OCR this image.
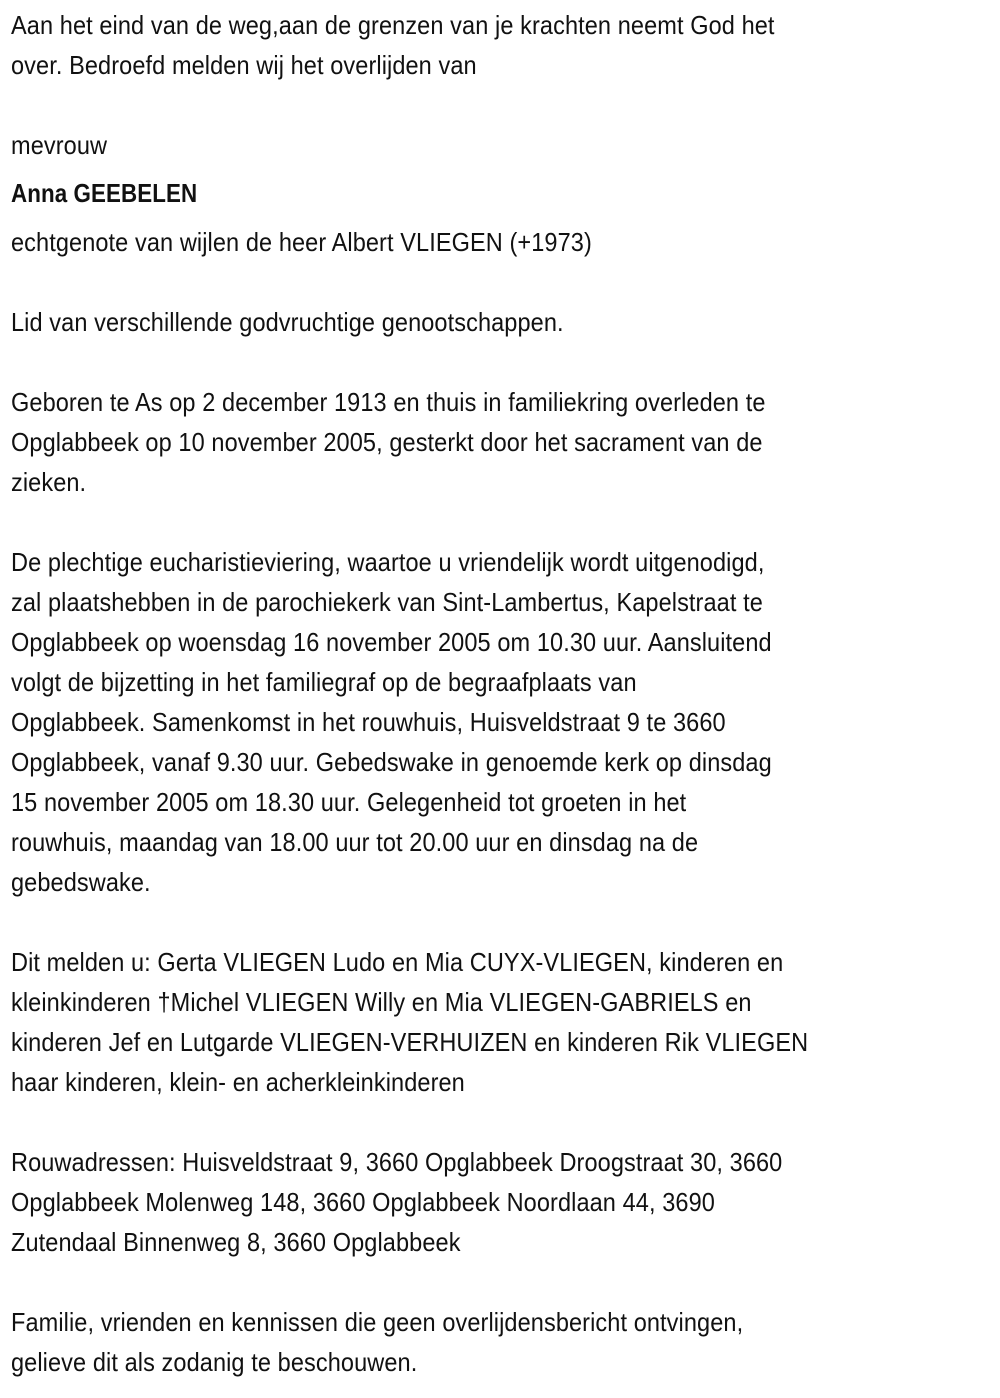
Aan het eind van de weg,aan de grenzen van je krachten neemt God het
over. Bedroefd melden wij het overlijden van
mevrouw
Anna GEEBELEN
echtgenote van wijlen de heer Albert VLIEGEN (+1973)
Lid van verschillende godvruchtige genootschappen.
Geboren te As op 2 december 1913 en thuis in familiekring overleden te
Opglabbeek op 10 november 2005, gesterkt door het sacrament van de
zieken.
De plechtige eucharistieviering, waartoe u vriendelijk wordt uitgenodigd,
zal plaatshebben in de parochiekerk van Sint-Lambertus, Kapelstraat te
Opglabbeek op woensdag 16 november 2005 om 10.30 uur. Aansluitend
volgt de bijzetting in het familiegraf op de begraafplaats van
Opglabbeek. Samenkomst in het rouwhuis, Huisveldstraat 9 te 3660
Opglabbeek, vanaf 9.30 uur. Gebedswake in genoemde kerk op dinsdag
15 november 2005 om 18.30 uur. Gelegenheid tot groeten in het
rouwhuis, maandag van 18.00 uur tot 20.00 uur en dinsdag na de
gebedswake.
Dit melden u: Gerta VLIEGEN Ludo en Mia CUYX-VLIEGEN, kinderen en
kleinkinderen †Michel VLIEGEN Willy en Mia VLIEGEN-GABRIELS en
kinderen Jef en Lutgarde VLIEGEN-VERHUIZEN en kinderen Rik VLIEGEN
haar kinderen, klein- en acherkleinkinderen
Rouwadressen: Huisveldstraat 9, 3660 Opglabbeek Droogstraat 30, 3660
Opglabbeek Molenweg 148, 3660 Opglabbeek Noordlaan 44, 3690
Zutendaal Binnenweg 8, 3660 Opglabbeek
Familie, vrienden en kennissen die geen overlijdensbericht ontvingen,
gelieve dit als zodanig te beschouwen.
